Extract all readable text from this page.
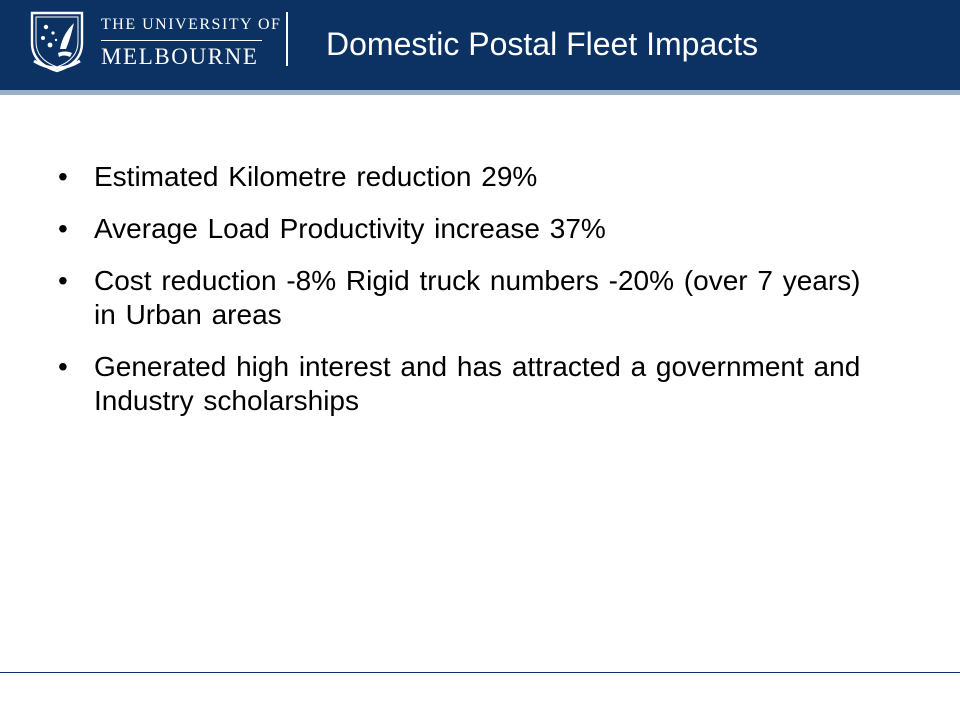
THE UNIVERSITY OF
MELBOURNE Domestic Postal Fleet Impacts
• Estimated Kilometre reduction 29%
• Average Load Productivity increase 37%
• Cost reduction -8% Rigid truck numbers -20% (over 7 years) in Urban areas
• Generated high interest and has attracted a government and Industry scholarships
